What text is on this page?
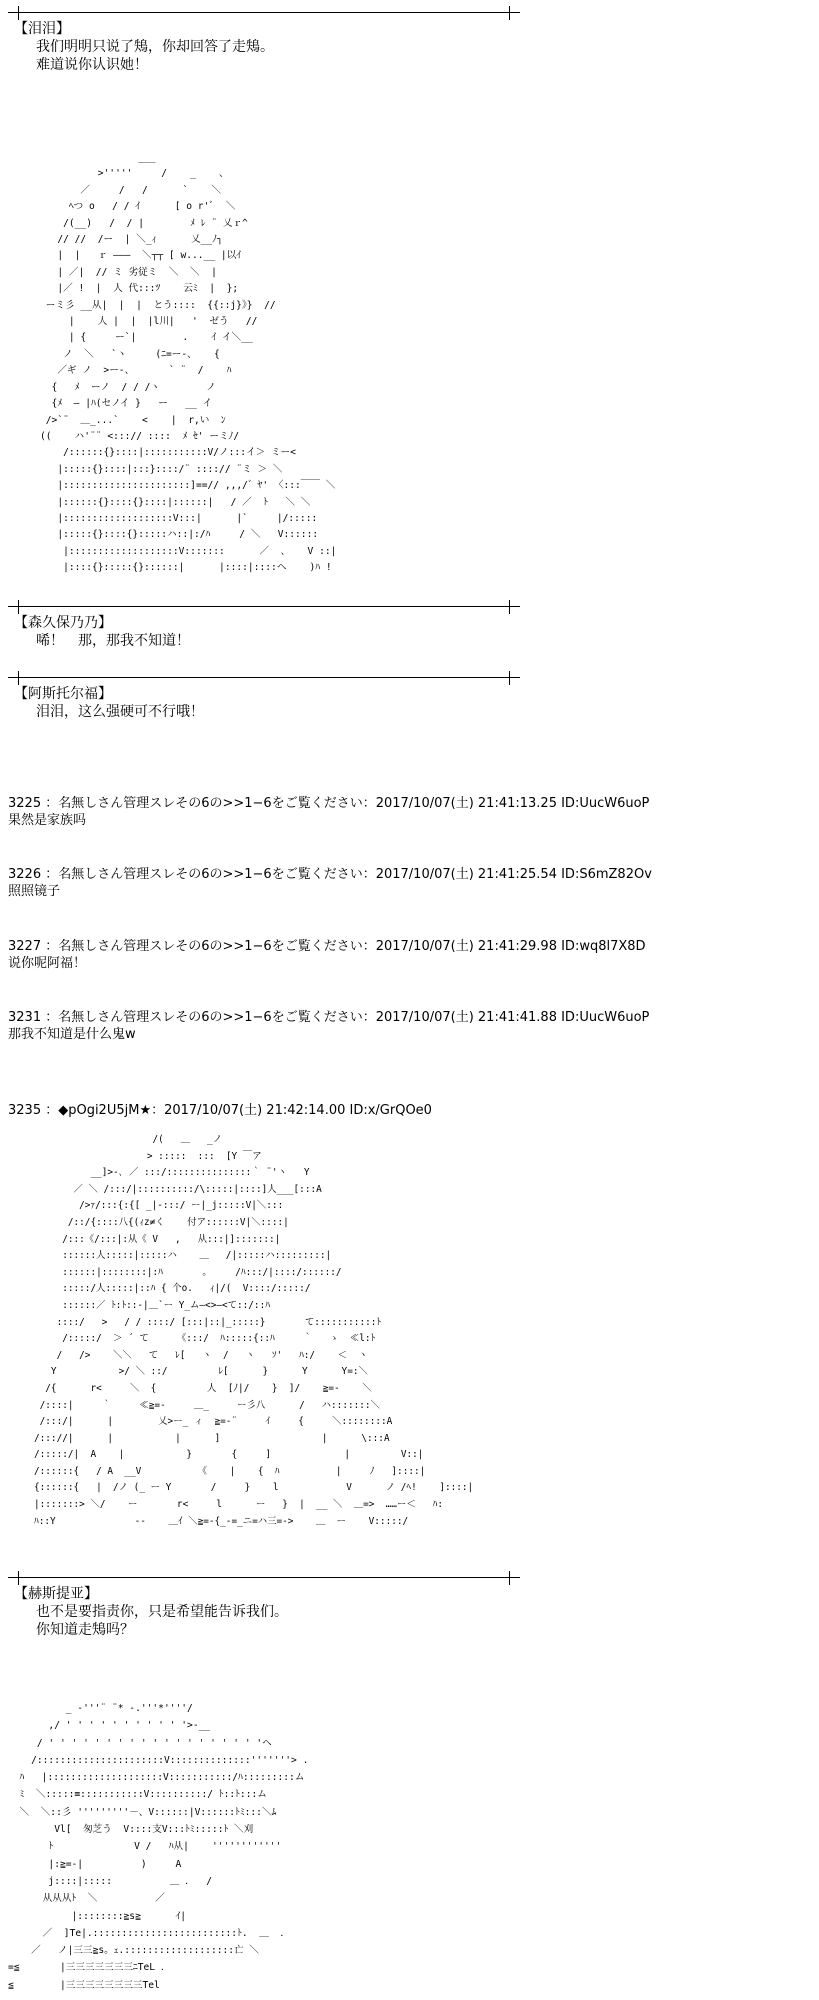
【泪泪】
我们明明只说了鴩，你却回答了走鴩。
难道说你认识她！
___
>'''''     /    _    、
／     /   /      `    ＼
ﾍつ o   / / ｲ      [ o r'ﾞ  ＼
/(__)   /  / |        ﾒ ﾚ ¨ 乂ｒ^
// //  /ー  | ＼_ｨ      乂__ﾉ┐
|  |   ｒ ―――  ＼┬┬ [ w...__ |以ｲ
| ／|  // ミ 劣従ミ  ＼  ＼  |
|／ !  |  人 代:::ﾂ    云ﾐ  |  };
ーミ彡 __从|  |  |  とう::::  {{::j}》}  //
|    人 |  |  |l川|   '  ゼう   //
| {     ー`|        .    ｲ イ＼__
ノ  ＼   `ヽ     (ﾆ=ー-、   {
／ギ ノ  >ー-、      ` ¨  /    ﾊ
{   ﾒ  ーノ  / / /ヽ        ノ
{ﾒ  ― |ﾊ(セノイ }   ー   __ イ
/>`¨  ＿_...`    <    |  r,い  ﾝ
((    ハ'¨¨ <:::// ::::  ﾒ ｾ' ーミﾉ/
/::::::{}::::|:::::::::::V/ノ:::イ＞ ミー<
|:::::{}::::|:::}::::/¨ ::::// ¨ミ ＞ ＼
|::::::::::::::::::::::]==// ,,,/゛ﾔ' 〈:::￣￣ ＼
|::::::{}::::{}::::|::::::|   / ／  ﾄ   ＼ ＼
|:::::::::::::::::::V:::|      |`     |/:::::
|:::::{}::::{}:::::ハ::|:/ﾊ     / ＼   V::::::
|:::::::::::::::::::V:::::::      ／  、   V ::|
|::::{}:::::{}::::::|      |::::|::::ヘ    )ﾊ !
【森久保乃乃】
唏！　那，那我不知道！
【阿斯托尔福】
泪泪，这么强硬可不行哦！
3225 ：名無しさん管理スレその6の>>1−6をご覧ください：2017/10/07(土) 21:41:13.25 ID:UucW6uoP
果然是家族吗
3226 ：名無しさん管理スレその6の>>1−6をご覧ください：2017/10/07(土) 21:41:25.54 ID:S6mZ82Ov
照照镜子
3227 ：名無しさん管理スレその6の>>1−6をご覧ください：2017/10/07(土) 21:41:29.98 ID:wq8l7X8D
说你呢阿福！
3231 ：名無しさん管理スレその6の>>1−6をご覧ください：2017/10/07(土) 21:41:41.88 ID:UucW6uoP
那我不知道是什么鬼w
3235 ：◆pOgi2U5jM★：2017/10/07(土) 21:42:14.00 ID:x/GrQOe0
/(   ＿   _ノ
> :::::  :::  [Y ￣ア
__]>-､ ／ :::/:::::::::::::::｀ ¨'ヽ   Y
／ ＼ /:::/|::::::::::/\:::::|::::]人___[:::A
/>ｧ/:::{:{[ _|-:::/ ー|_j:::::V|＼:::
/::/{::::八{(ｨz≠く    付ア::::::V|＼::::|
/:::《/:::|:从《 V   ,   从:::|]:::::::|
::::::人:::::|:::::ハ    ＿   /|:::::ハ:::::::::|
::::::|::::::::|:ﾊ       ｡     /ﾊ:::/|::::/::::::/
:::::/人:::::|::ﾊ { 个o.   ｨ|/(  V::::/:::::/
::::::／ ﾄ:ﾄ::-|＿`ー Y_ム―<>―<て::/::ﾊ
::::/   >   / / ::::/ [:::|::|_:::::}       て:::::::::::ﾄ
/:::::/  ＞ ´ て     《:::/  ﾊ:::::{::ﾊ     ｀   ゝ  ≪l:ﾄ
/   />    ＼＼   て   ﾚ[   ヽ  /   ヽ   ｿ'   ﾊ:/    ＜  ヽ
Y           >/ ＼ ::/         ﾚ[      }      Y      Y=:＼
/{      r<     ＼  {         人  [ﾉ|/    }  ]/    ≧=-    ＼
/::::|     ｀     ≪≧=-     ＿_     ー彡八      /   ハ:::::::＼
/:::/|      |        乂>ー_ ィ  ≧=-¨     ｲ     {     ＼::::::::A
/::://|      |           |      ]                  |      \:::A
/:::::/|  A    |           }       {     ]             |         V::|
/::::::{   / A  __V          《    |    {  ﾊ          |     ﾉ   ]::::|
{::::::{   |  /ノ (_ ー Y       /     }    l            V      ノ /ﾍ!    ]::::|
|:::::::> ＼/    ー       r<     l      ー   }  |  __ ＼  ＿=>  ……ー＜   ﾊ:
ﾊ::Y              --    ＿ｲ ＼≧=-{_-=_ニ=ハ三=->    ＿  ー    V:::::/
【赫斯提亚】
也不是要指责你，只是希望能告诉我们。
你知道走鴩吗？
_ -'''¨ ¨* ‐.'''*''''/
,/ ' ' ' ' ' ' ' ' ' ' '>-__
/ ' ' ' ' ' ' ' ' ' ' ' ' ' ' ' ' ' ' 'ヘ
/::::::::::::::::::::::V::::::::::::::'''''''> .
ﾊ   |::::::::::::::::::::V:::::::::::/ﾊ:::::::::ム
ﾐ  ＼:::::≡:::::::::::V::::::::::/ ﾄ::ﾄ:::ム
＼  ＼::彡 '''''''''－、V::::::|V::::::ﾄﾐ:::＼ﾑ
Vl[  匆芝う  V::::支V:::ﾄﾐ:::::ﾄ ＼刈
ﾄ              V /   ﾊ从|    ''''''''''''
|:≧=-|          )     A
j::::|:::::          ＿ ．  /
从从从ﾄ  ＼          ／
|::::::::≧s≧      ｲ|
／  ]Te|.:::::::::::::::::::::::::ﾄ.  ＿  ．
／   ノ|三三≧s。ｪ.:::::::::::::::::::亡 ＼
=≦       |三三三三三三三ﾆTeL ．
≦        |三三三三三三三三Tel
